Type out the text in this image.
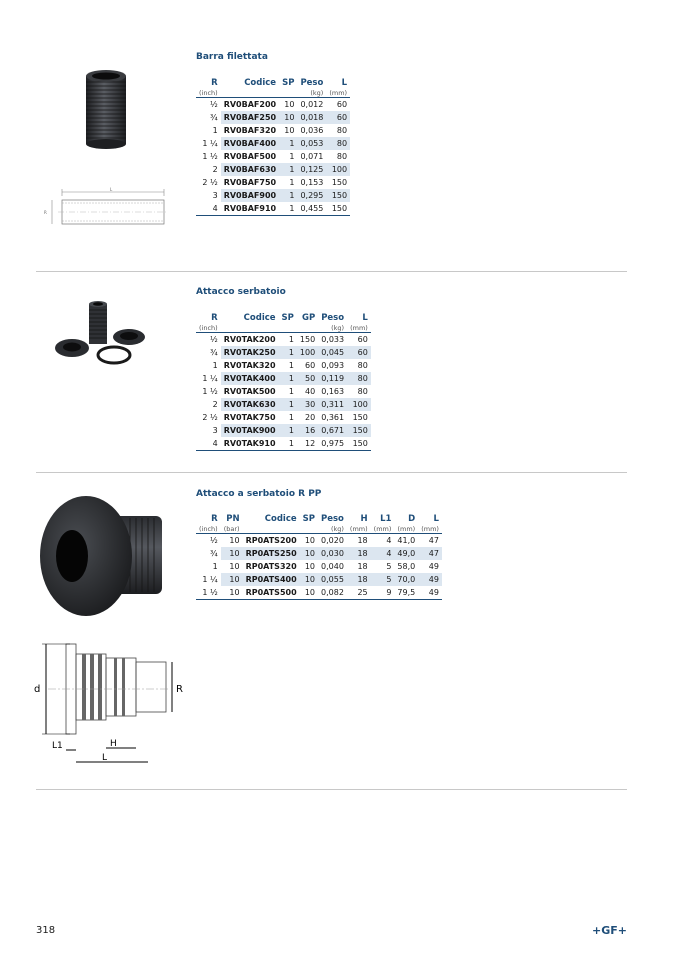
Barra filettata
L
R
R	Codice	SP	Peso	L
(inch)			(kg)	(mm)
½	RV0BAF200	10	0,012	60
¾	RV0BAF250	10	0,018	60
1	RV0BAF320	10	0,036	80
1 ¼	RV0BAF400	1	0,053	80
1 ½	RV0BAF500	1	0,071	80
2	RV0BAF630	1	0,125	100
2 ½	RV0BAF750	1	0,153	150
3	RV0BAF900	1	0,295	150
4	RV0BAF910	1	0,455	150
Attacco serbatoio
R	Codice	SP	GP	Peso	L
(inch)				(kg)	(mm)
½	RV0TAK200	1	150	0,033	60
¾	RV0TAK250	1	100	0,045	60
1	RV0TAK320	1	60	0,093	80
1 ¼	RV0TAK400	1	50	0,119	80
1 ½	RV0TAK500	1	40	0,163	80
2	RV0TAK630	1	30	0,311	100
2 ½	RV0TAK750	1	20	0,361	150
3	RV0TAK900	1	16	0,671	150
4	RV0TAK910	1	12	0,975	150
Attacco a serbatoio R PP
d	R
L1	H
L
R	PN	Codice	SP	Peso	H	L1	D	L
(inch)	(bar)			(kg)	(mm)	(mm)	(mm)	(mm)
½	10	RP0ATS200	10	0,020	18	4	41,0	47
¾	10	RP0ATS250	10	0,030	18	4	49,0	47
1	10	RP0ATS320	10	0,040	18	5	58,0	49
1 ¼	10	RP0ATS400	10	0,055	18	5	70,0	49
1 ½	10	RP0ATS500	10	0,082	25	9	79,5	49
318	+GF+
